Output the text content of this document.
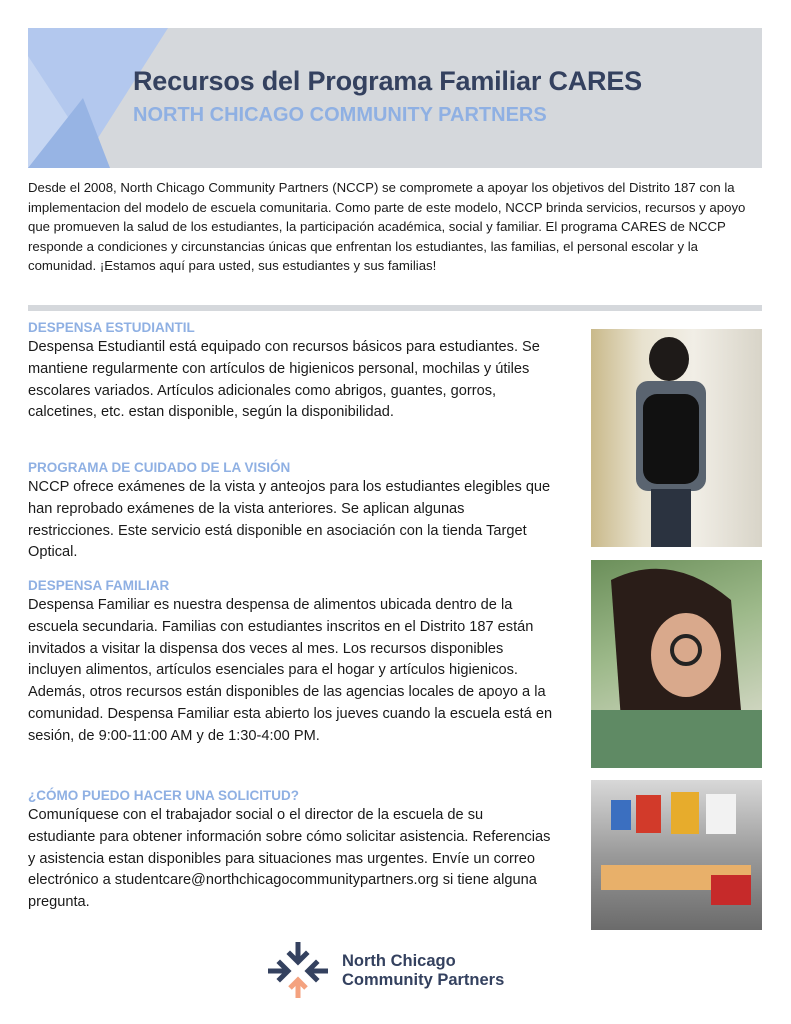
Recursos del Programa Familiar CARES
NORTH CHICAGO COMMUNITY PARTNERS
Desde el 2008, North Chicago Community Partners (NCCP) se compromete a apoyar los objetivos del Distrito 187 con la implementacion del modelo de escuela comunitaria. Como parte de este modelo, NCCP brinda servicios, recursos y apoyo que promueven la salud de los estudiantes, la participación académica, social y familiar. El programa CARES de NCCP responde a condiciones y circunstancias únicas que enfrentan los estudiantes, las familias, el personal escolar y la comunidad. ¡Estamos aquí para usted, sus estudiantes y sus familias!
DESPENSA ESTUDIANTIL

Despensa Estudiantil está equipado con recursos básicos para estudiantes. Se mantiene regularmente con artículos de higienicos personal, mochilas y útiles escolares variados. Artículos adicionales como abrigos, guantes, gorros, calcetines, etc. estan disponible, según la disponibilidad.

PROGRAMA DE CUIDADO DE LA VISIÓN

NCCP ofrece exámenes de la vista y anteojos para los estudiantes elegibles que han reprobado exámenes de la vista anteriores. Se aplican algunas restricciones. Este servicio está disponible en asociación con la tienda Target Optical.

DESPENSA FAMILIAR

Despensa Familiar es nuestra despensa de alimentos ubicada dentro de la escuela secundaria. Familias con estudiantes inscritos en el Distrito 187 están invitados a visitar la dispensa dos veces al mes. Los recursos disponibles incluyen alimentos, artículos esenciales para el hogar y artículos higienicos. Además, otros recursos están disponibles de las agencias locales de apoyo a la comunidad. Despensa Familiar esta abierto los jueves cuando la escuela está en sesión, de 9:00-11:00 AM y de 1:30-4:00 PM.

¿CÓMO PUEDO HACER UNA SOLICITUD?

Comuníquese con el trabajador social o el director de la escuela de su estudiante para obtener información sobre cómo solicitar asistencia. Referencias y asistencia estan disponibles para situaciones mas urgentes. Envíe un correo electrónico a studentcare@northchicagocommunitypartners.org si tiene alguna pregunta.

North Chicago
Community Partners
